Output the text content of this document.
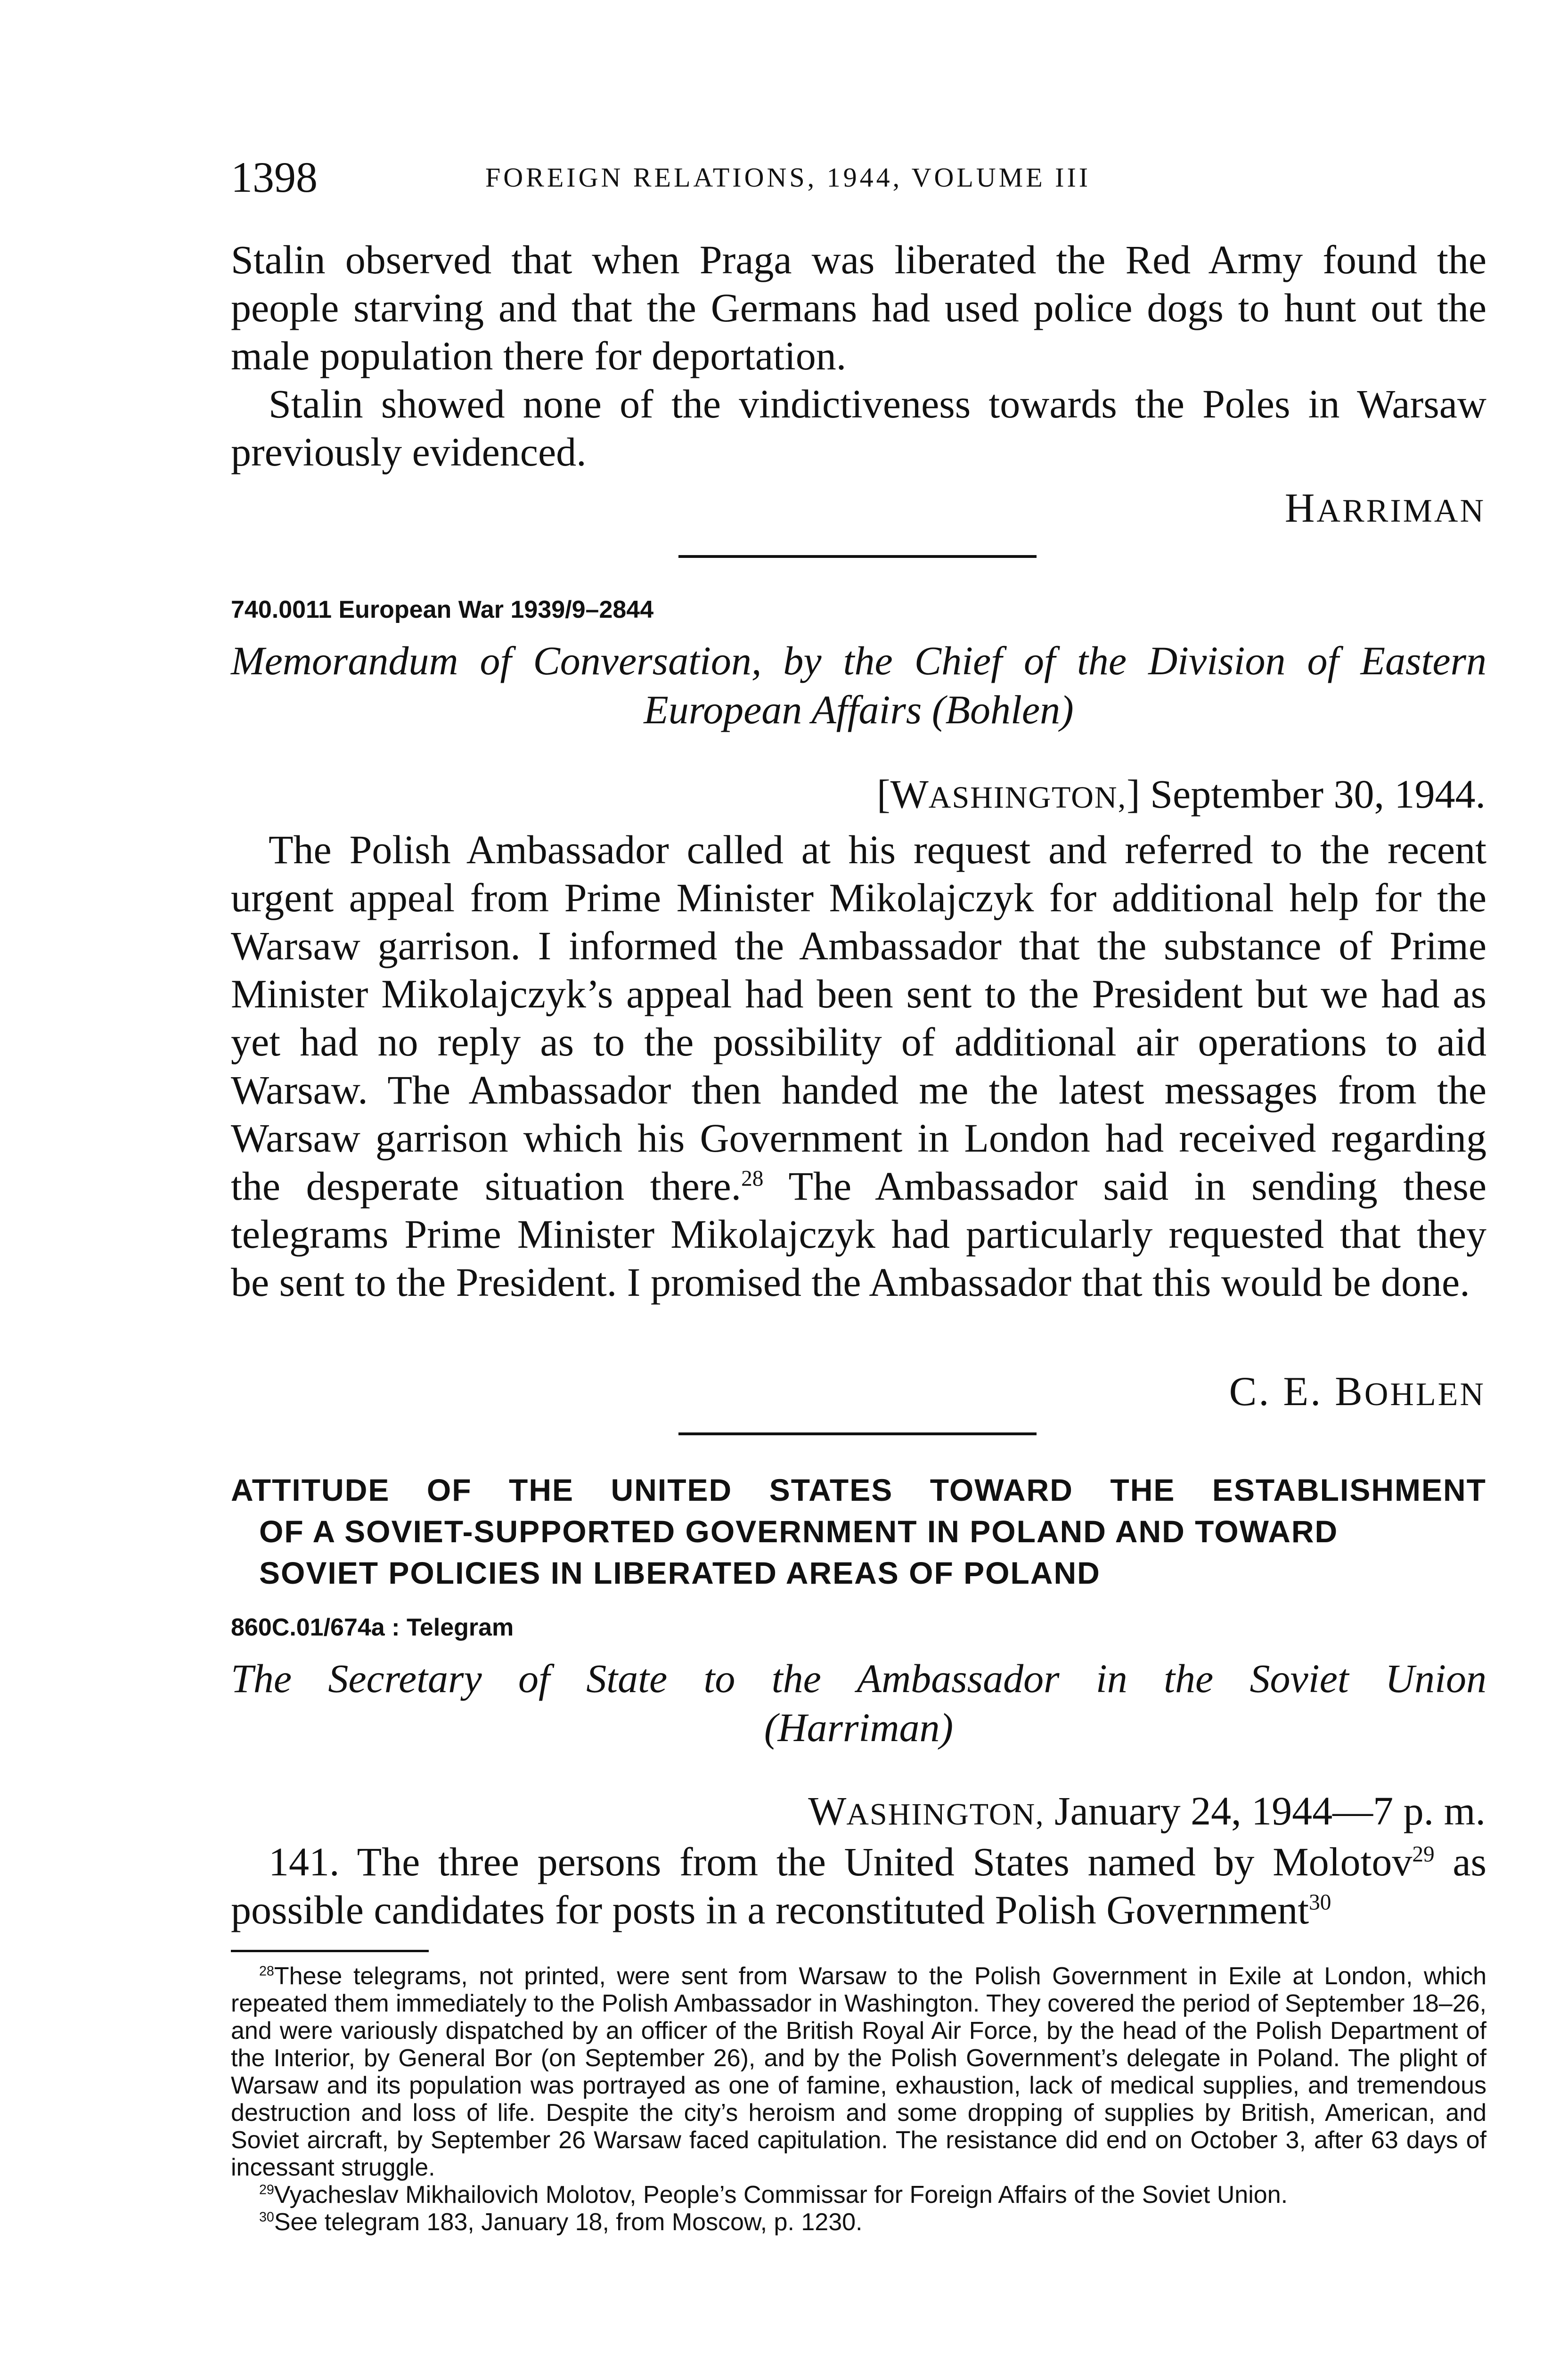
1398	FOREIGN RELATIONS, 1944, VOLUME III

Stalin observed that when Praga was liberated the Red Army found the people starving and that the Germans had used police dogs to hunt out the male population there for deportation.

Stalin showed none of the vindictiveness towards the Poles in Warsaw previously evidenced.

HARRIMAN
740.0011 European War 1939/9–2844
Memorandum of Conversation, by the Chief of the Division of Eastern
European Affairs (Bohlen)
[WASHINGTON,] September 30, 1944.

The Polish Ambassador called at his request and referred to the recent urgent appeal from Prime Minister Mikolajczyk for additional help for the Warsaw garrison. I informed the Ambassador that the substance of Prime Minister Mikolajczyk’s appeal had been sent to the President but we had as yet had no reply as to the possibility of additional air operations to aid Warsaw. The Ambassador then handed me the latest messages from the Warsaw garrison which his Government in London had received regarding the desperate situation there.$^{28}$ The Ambassador said in sending these telegrams Prime Minister Mikolajczyk had particularly requested that they be sent to the President. I promised the Ambassador that this would be done.

C. E. BOHLEN
ATTITUDE OF THE UNITED STATES TOWARD THE ESTABLISHMENT
OF A SOVIET-SUPPORTED GOVERNMENT IN POLAND AND TOWARD
SOVIET POLICIES IN LIBERATED AREAS OF POLAND
860C.01/674a : Telegram
The Secretary of State to the Ambassador in the Soviet Union
(Harriman)
WASHINGTON, January 24, 1944—7 p. m.

141. The three persons from the United States named by Molotov$^{29}$ as possible candidates for posts in a reconstituted Polish Government$^{30}$

$^{28}$These telegrams, not printed, were sent from Warsaw to the Polish Government in Exile at London, which repeated them immediately to the Polish Ambassador in Washington. They covered the period of September 18–26, and were variously dispatched by an officer of the British Royal Air Force, by the head of the Polish Department of the Interior, by General Bor (on September 26), and by the Polish Government’s delegate in Poland. The plight of Warsaw and its population was portrayed as one of famine, exhaustion, lack of medical supplies, and tremendous destruction and loss of life. Despite the city’s heroism and some dropping of supplies by British, American, and Soviet aircraft, by September 26 Warsaw faced capitulation. The resistance did end on October 3, after 63 days of incessant struggle.

$^{29}$Vyacheslav Mikhailovich Molotov, People’s Commissar for Foreign Affairs of the Soviet Union.

$^{30}$See telegram 183, January 18, from Moscow, p. 1230.
